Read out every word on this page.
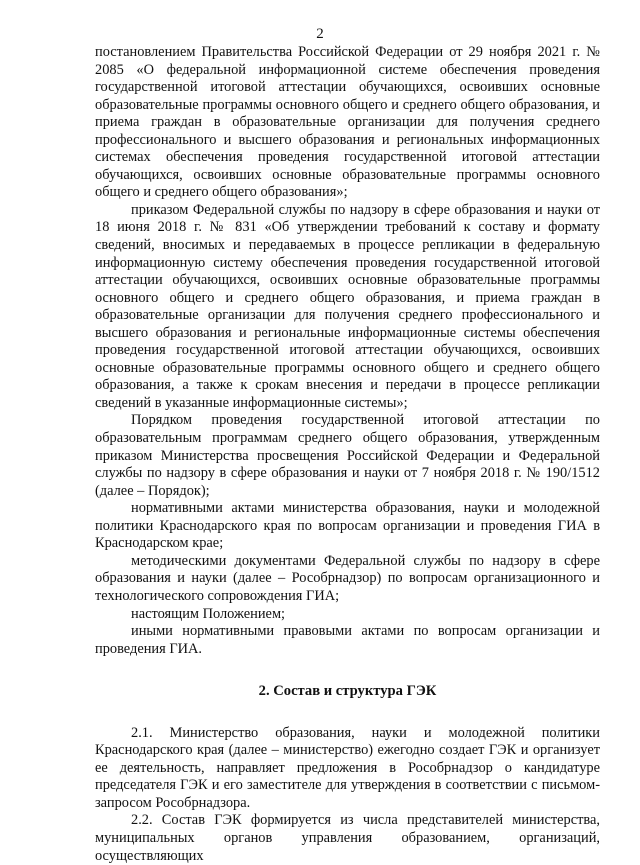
2

постановлением Правительства Российской Федерации от 29 ноября 2021 г. № 2085 «О федеральной информационной системе обеспечения проведения государственной итоговой аттестации обучающихся, освоивших основные образовательные программы основного общего и среднего общего образования, и приема граждан в образовательные организации для получения среднего профессионального и высшего образования и региональных информационных системах обеспечения проведения государственной итоговой аттестации обучающихся, освоивших основные образовательные программы основного общего и среднего общего образования»;

приказом Федеральной службы по надзору в сфере образования и науки от 18 июня 2018 г. № 831 «Об утверждении требований к составу и формату сведений, вносимых и передаваемых в процессе репликации в федеральную информационную систему обеспечения проведения государственной итоговой аттестации обучающихся, освоивших основные образовательные программы основного общего и среднего общего образования, и приема граждан в образовательные организации для получения среднего профессионального и высшего образования и региональные информационные системы обеспечения проведения государственной итоговой аттестации обучающихся, освоивших основные образовательные программы основного общего и среднего общего образования, а также к срокам внесения и передачи в процессе репликации сведений в указанные информационные системы»;

Порядком проведения государственной итоговой аттестации по образовательным программам среднего общего образования, утвержденным приказом Министерства просвещения Российской Федерации и Федеральной службы по надзору в сфере образования и науки от 7 ноября 2018 г. № 190/1512 (далее – Порядок);

нормативными актами министерства образования, науки и молодежной политики Краснодарского края по вопросам организации и проведения ГИА в Краснодарском крае;

методическими документами Федеральной службы по надзору в сфере образования и науки (далее – Рособрнадзор) по вопросам организационного и технологического сопровождения ГИА;

настоящим Положением;

иными нормативными правовыми актами по вопросам организации и проведения ГИА.

2. Состав и структура ГЭК

2.1. Министерство образования, науки и молодежной политики Краснодарского края (далее – министерство) ежегодно создает ГЭК и организует ее деятельность, направляет предложения в Рособрнадзор о кандидатуре председателя ГЭК и его заместителе для утверждения в соответствии с письмом-запросом Рособрнадзора.

2.2. Состав ГЭК формируется из числа представителей министерства, муниципальных органов управления образованием, организаций, осуществляющих
